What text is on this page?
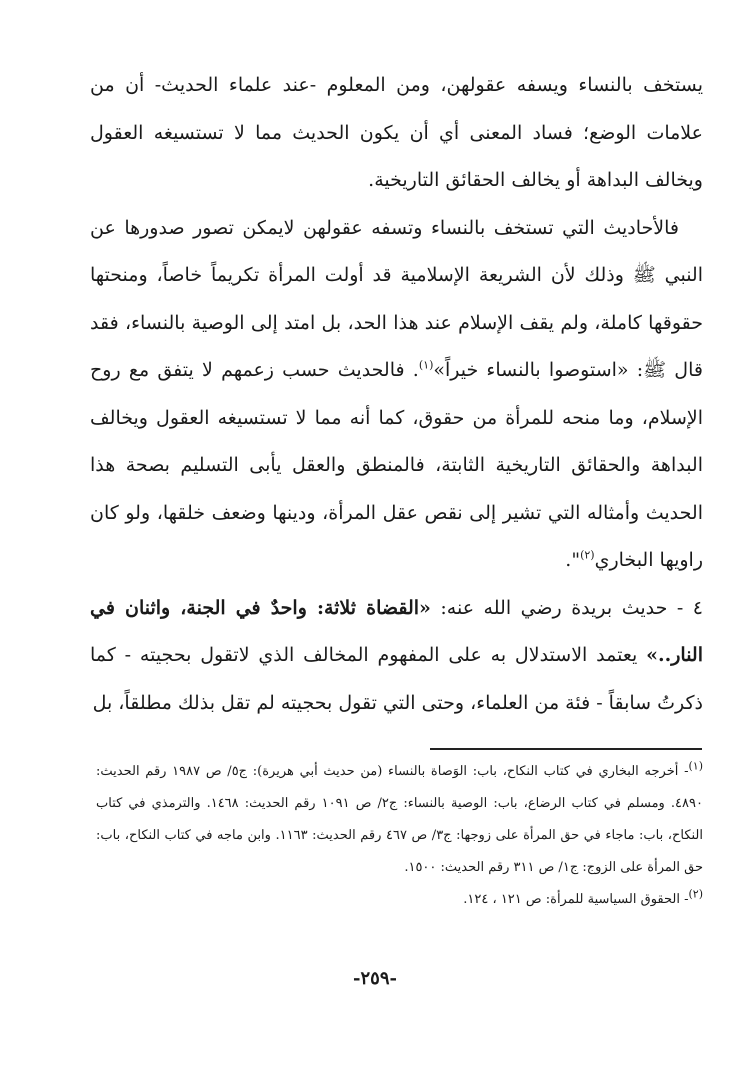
يستخف بالنساء ويسفه عقولهن، ومن المعلوم -عند علماء الحديث- أن من علامات الوضع؛ فساد المعنى أي أن يكون الحديث مما لا تستسيغه العقول ويخالف البداهة أو يخالف الحقائق التاريخية.

فالأحاديث التي تستخف بالنساء وتسفه عقولهن لايمكن تصور صدورها عن النبي ﷺ وذلك لأن الشريعة الإسلامية قد أولت المرأة تكريماً خاصاً، ومنحتها حقوقها كاملة، ولم يقف الإسلام عند هذا الحد، بل امتد إلى الوصية بالنساء، فقد قال ﷺ: «استوصوا بالنساء خيراً»$^{(١)}$. فالحديث حسب زعمهم لا يتفق مع روح الإسلام، وما منحه للمرأة من حقوق، كما أنه مما لا تستسيغه العقول ويخالف البداهة والحقائق التاريخية الثابتة، فالمنطق والعقل يأبى التسليم بصحة هذا الحديث وأمثاله التي تشير إلى نقص عقل المرأة، ودينها وضعف خلقها، ولو كان راويها البخاري$^{(٢)}$".

٤ - حديث بريدة رضي الله عنه: «القضاة ثلاثة: واحدٌ في الجنة، واثنان في النار..» يعتمد الاستدلال به على المفهوم المخالف الذي لاتقول بحجيته - كما ذكرتُ سابقاً - فئة من العلماء، وحتى التي تقول بحجيته لم تقل بذلك مطلقاً، بل

$^{(١)}$- أخرجه البخاري في كتاب النكاح، باب: الوَصاة بالنساء (من حديث أبي هريرة): ج٥/ ص ١٩٨٧ رقم الحديث: ٤٨٩٠. ومسلم في كتاب الرضاع، باب: الوصية بالنساء: ج٢/ ص ١٠٩١ رقم الحديث: ١٤٦٨. والترمذي في كتاب النكاح، باب: ماجاء في حق المرأة على زوجها: ج٣/ ص ٤٦٧ رقم الحديث: ١١٦٣. وابن ماجه في كتاب النكاح، باب: حق المرأة على الزوج: ج١/ ص ٣١١ رقم الحديث: ١٥٠٠.

$^{(٢)}$- الحقوق السياسية للمرأة: ص ١٢١ ، ١٢٤.

-٢٥٩-
